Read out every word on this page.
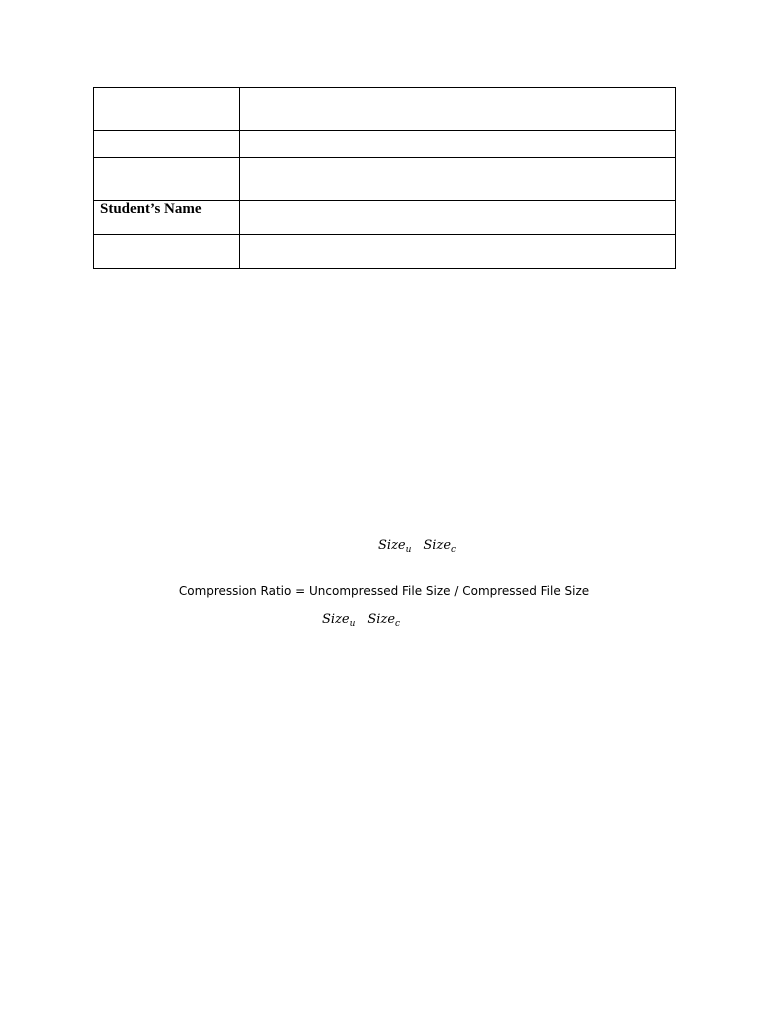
Student’s Name	

Size$_u$ Size$_c$
Compression Ratio = Uncompressed File Size / Compressed File Size
Size$_u$ Size$_c$
